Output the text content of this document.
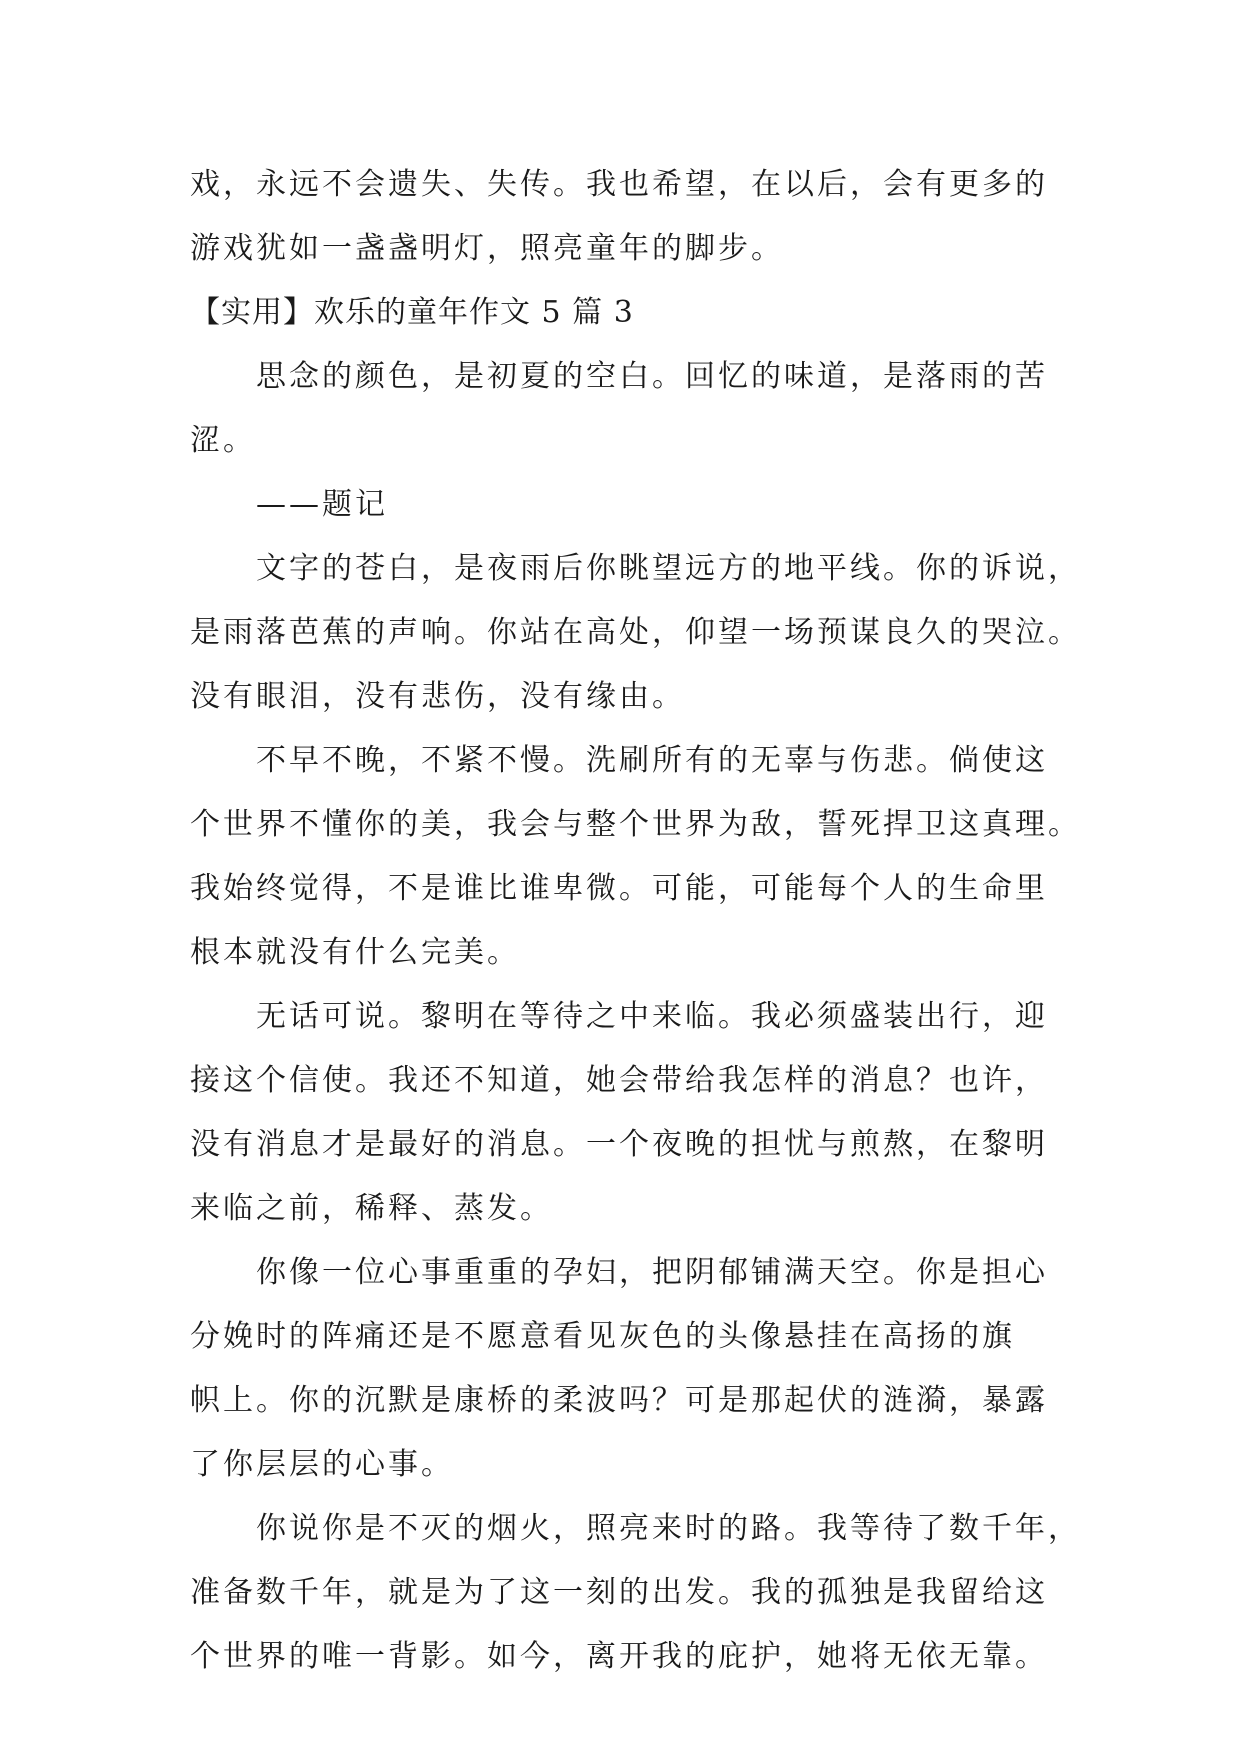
戏，永远不会遗失、失传。我也希望，在以后，会有更多的
游戏犹如一盏盏明灯，照亮童年的脚步。
【实用】欢乐的童年作文 5 篇 3
思念的颜色，是初夏的空白。回忆的味道，是落雨的苦
涩。
——题记
文字的苍白，是夜雨后你眺望远方的地平线。你的诉说，
是雨落芭蕉的声响。你站在高处，仰望一场预谋良久的哭泣。
没有眼泪，没有悲伤，没有缘由。
不早不晚，不紧不慢。洗刷所有的无辜与伤悲。倘使这
个世界不懂你的美，我会与整个世界为敌，誓死捍卫这真理。
我始终觉得，不是谁比谁卑微。可能，可能每个人的生命里
根本就没有什么完美。
无话可说。黎明在等待之中来临。我必须盛装出行，迎
接这个信使。我还不知道，她会带给我怎样的消息？也许，
没有消息才是最好的消息。一个夜晚的担忧与煎熬，在黎明
来临之前，稀释、蒸发。
你像一位心事重重的孕妇，把阴郁铺满天空。你是担心
分娩时的阵痛还是不愿意看见灰色的头像悬挂在高扬的旗
帜上。你的沉默是康桥的柔波吗？可是那起伏的涟漪，暴露
了你层层的心事。
你说你是不灭的烟火，照亮来时的路。我等待了数千年，
准备数千年，就是为了这一刻的出发。我的孤独是我留给这
个世界的唯一背影。如今，离开我的庇护，她将无依无靠。
